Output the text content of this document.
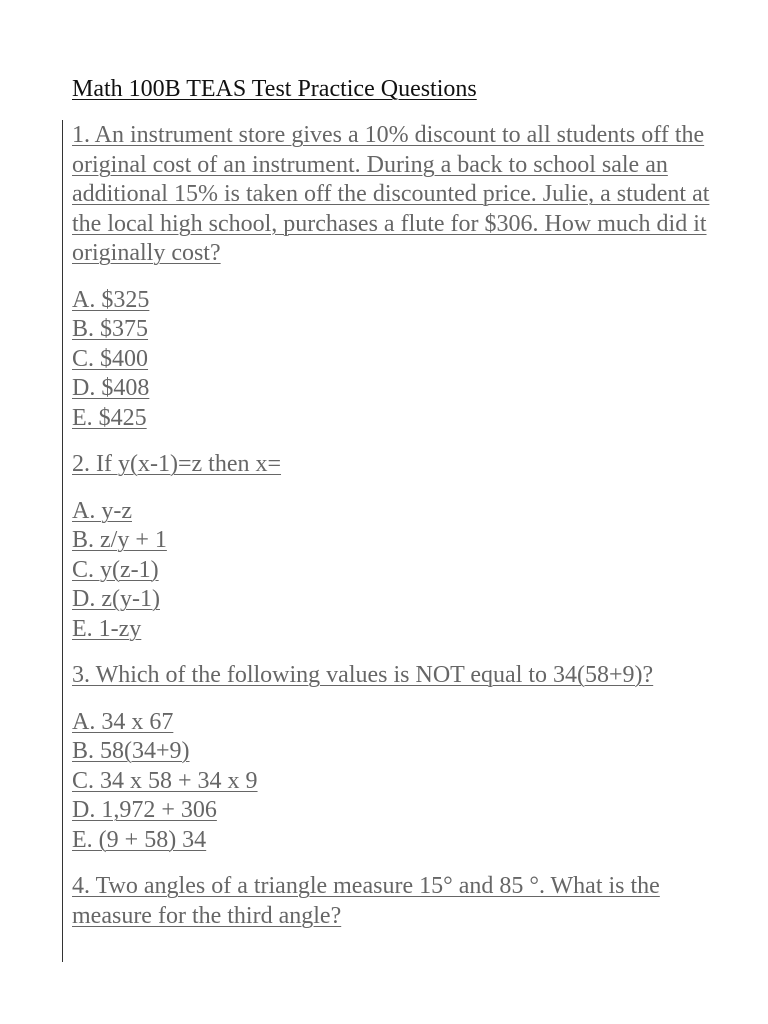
Math 100B TEAS Test Practice Questions
1. An instrument store gives a 10% discount to all students off the original cost of an instrument. During a back to school sale an additional 15% is taken off the discounted price. Julie, a student at the local high school, purchases a flute for $306. How much did it originally cost?
A. $325
B. $375
C. $400
D. $408
E. $425
2. If y(x-1)=z then x=
A. y-z
B. z/y + 1
C. y(z-1)
D. z(y-1)
E. 1-zy
3. Which of the following values is NOT equal to 34(58+9)?
A. 34 x 67
B. 58(34+9)
C. 34 x 58 + 34 x 9
D. 1,972 + 306
E. (9 + 58) 34
4. Two angles of a triangle measure 15° and 85 °. What is the measure for the third angle?
